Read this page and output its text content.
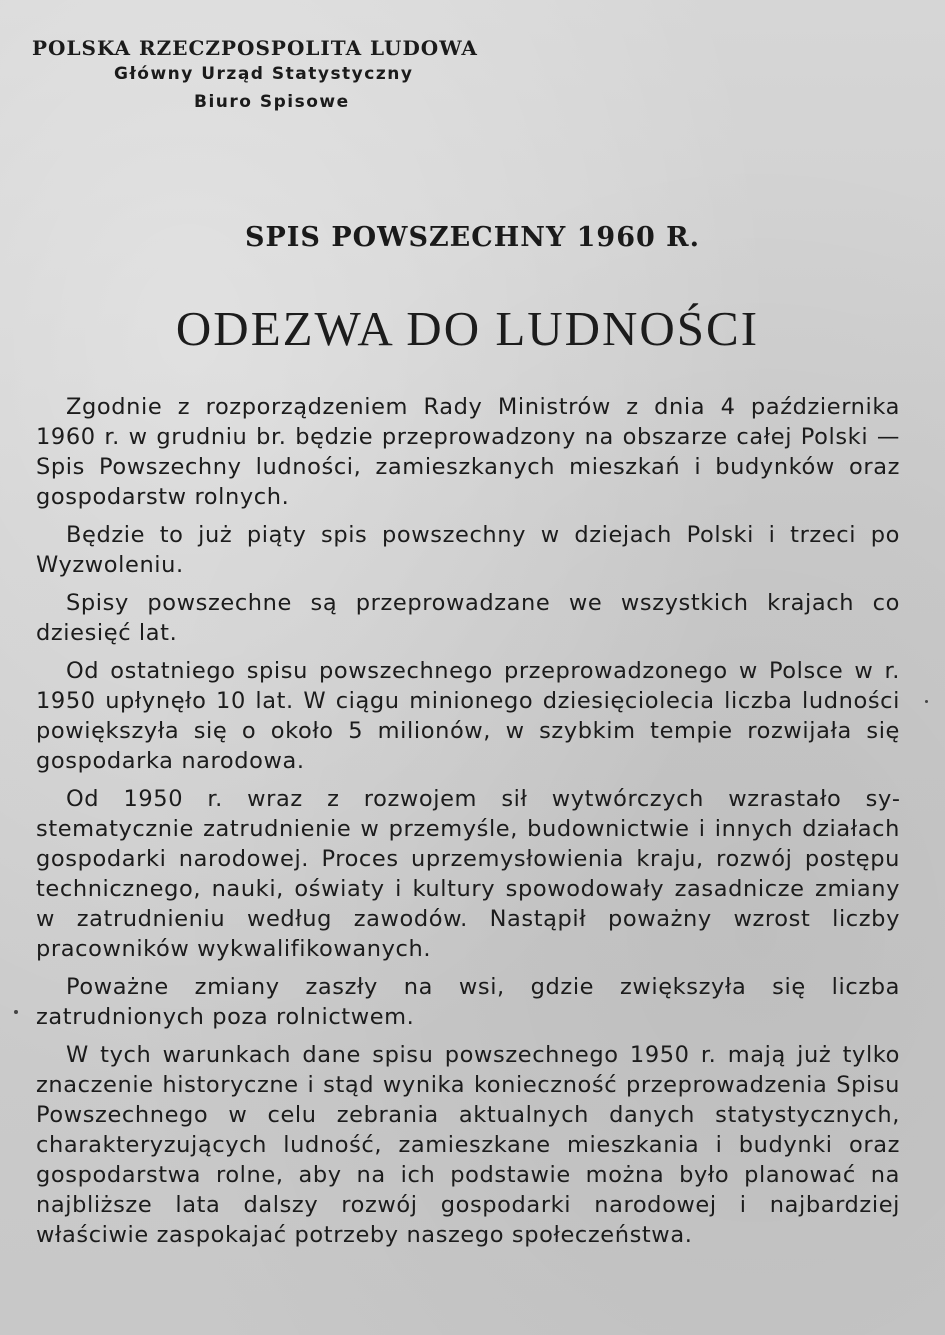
POLSKA RZECZPOSPOLITA LUDOWA
Główny Urząd Statystyczny
Biuro Spisowe
SPIS POWSZECHNY 1960 R.
ODEZWA DO LUDNOŚCI

Zgodnie z rozporządzeniem Rady Ministrów z dnia 4 października 1960 r. w grudniu br. będzie przeprowadzony na obszarze całej Polski — Spis Powszechny ludności, zamieszkanych mieszkań i budynków oraz gospodarstw rolnych.

Będzie to już piąty spis powszechny w dziejach Polski i trzeci po Wyzwoleniu.

Spisy powszechne są przeprowadzane we wszystkich krajach co dziesięć lat.

Od ostatniego spisu powszechnego przeprowadzonego w Polsce w r. 1950 upłynęło 10 lat. W ciągu minionego dziesięciolecia liczba ludności powiększyła się o około 5 milionów, w szybkim tempie rozwijała się gospodarka narodowa.

Od 1950 r. wraz z rozwojem sił wytwórczych wzrastało systematycznie zatrudnienie w przemyśle, budownictwie i innych działach gospodarki narodowej. Proces uprzemysłowienia kraju, rozwój postępu technicznego, nauki, oświaty i kultury spowodowały zasadnicze zmiany w zatrudnieniu według zawodów. Nastąpił poważny wzrost liczby pracowników wykwalifikowanych.

Poważne zmiany zaszły na wsi, gdzie zwiększyła się liczba zatrudnionych poza rolnictwem.

W tych warunkach dane spisu powszechnego 1950 r. mają już tylko znaczenie historyczne i stąd wynika konieczność przeprowadzenia Spisu Powszechnego w celu zebrania aktualnych danych statystycznych, charakteryzujących ludność, zamieszkane mieszkania i budynki oraz gospodarstwa rolne, aby na ich podstawie można było planować na najbliższe lata dalszy rozwój gospodarki narodowej i najbardziej właściwie zaspokajać potrzeby naszego społeczeństwa.
